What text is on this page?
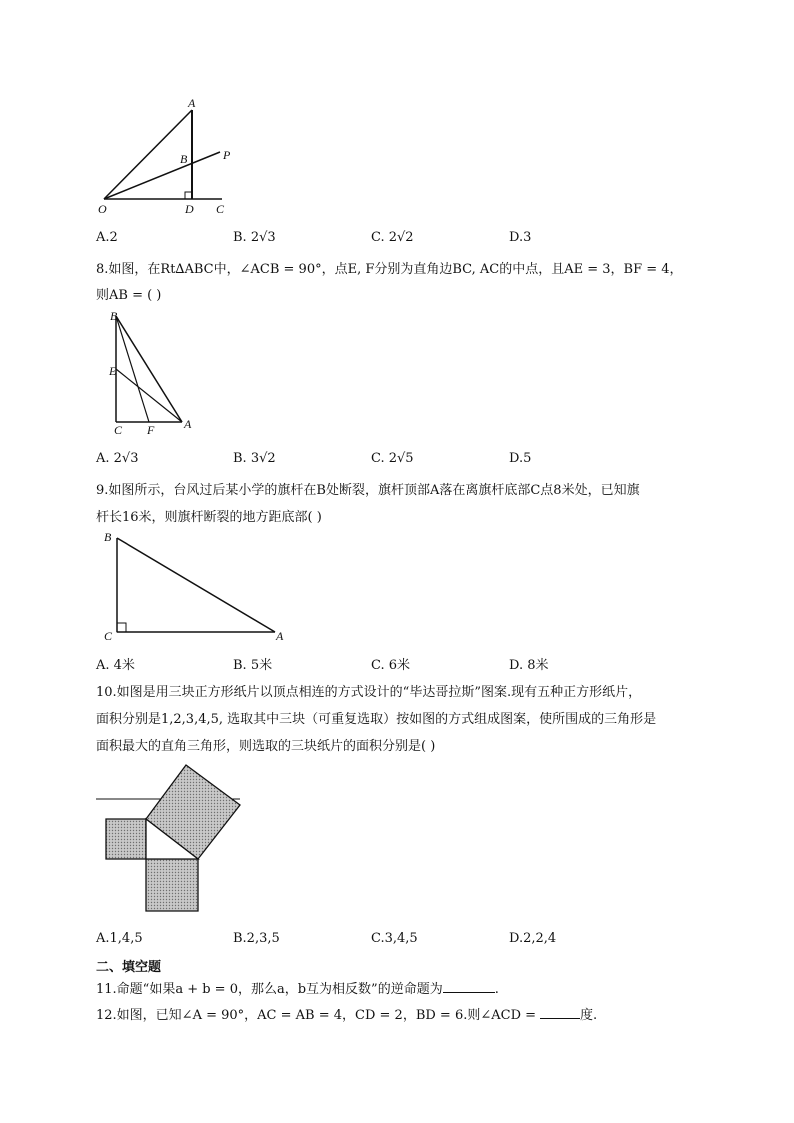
A
B	P
O	D C
A.2	B. 2√3	C. 2√2	D.3
8.如图，在Rt∆ABC中，∠ACB = 90°，点E, F分别为直角边BC, AC的中点，且AE = 3，BF = 4，
则AB = ( )
B
E
C F A
A. 2√3	B. 3√2	C. 2√5	D.5
9.如图所示，台风过后某小学的旗杆在B处断裂，旗杆顶部A落在离旗杆底部C点8米处，已知旗
杆长16米，则旗杆断裂的地方距底部( )
B
C	A
A. 4米	B. 5米	C. 6米	D. 8米
10.如图是用三块正方形纸片以顶点相连的方式设计的“毕达哥拉斯”图案.现有五种正方形纸片，
面积分别是1,2,3,4,5, 选取其中三块（可重复选取）按如图的方式组成图案，使所围成的三角形是
面积最大的直角三角形，则选取的三块纸片的面积分别是( )
A.1,4,5	B.2,3,5	C.3,4,5	D.2,2,4
二、填空题
11.命题“如果a + b = 0，那么a，b互为相反数”的逆命题为	.
12.如图，已知∠A = 90°，AC = AB = 4，CD = 2，BD = 6.则∠ACD =	度.
